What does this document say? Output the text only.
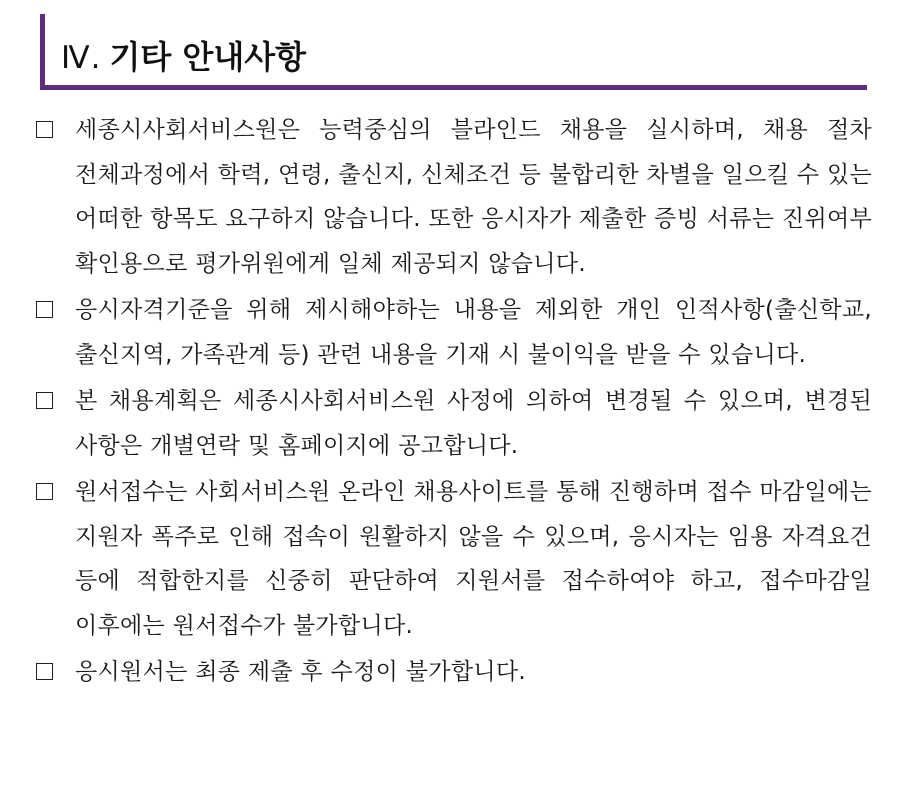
Ⅳ. 기타 안내사항
세종시사회서비스원은 능력중심의 블라인드 채용을 실시하며, 채용 절차 전체과정에서 학력, 연령, 출신지, 신체조건 등 불합리한 차별을 일으킬 수 있는 어떠한 항목도 요구하지 않습니다. 또한 응시자가 제출한 증빙 서류는 진위여부 확인용으로 평가위원에게 일체 제공되지 않습니다.
응시자격기준을 위해 제시해야하는 내용을 제외한 개인 인적사항(출신학교, 출신지역, 가족관계 등) 관련 내용을 기재 시 불이익을 받을 수 있습니다.
본 채용계획은 세종시사회서비스원 사정에 의하여 변경될 수 있으며, 변경된 사항은 개별연락 및 홈페이지에 공고합니다.
원서접수는 사회서비스원 온라인 채용사이트를 통해 진행하며 접수 마감일에는 지원자 폭주로 인해 접속이 원활하지 않을 수 있으며, 응시자는 임용 자격요건 등에 적합한지를 신중히 판단하여 지원서를 접수하여야 하고, 접수마감일 이후에는 원서접수가 불가합니다.
응시원서는 최종 제출 후 수정이 불가합니다.
